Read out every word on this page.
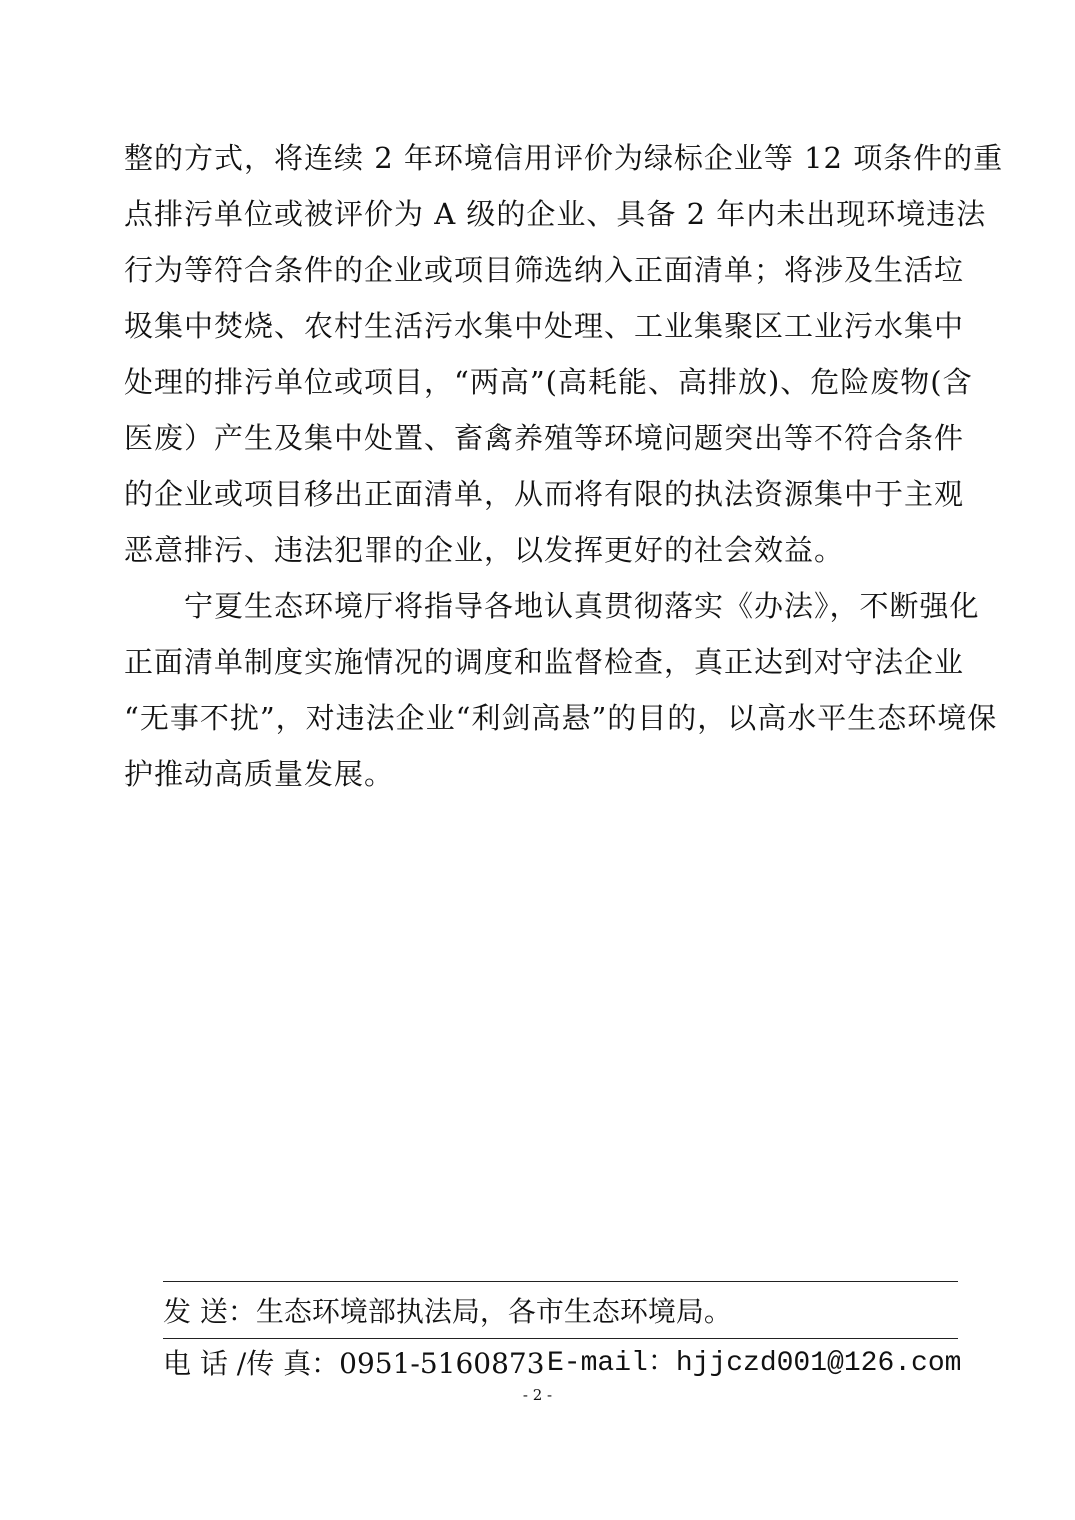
整的方式，将连续 2 年环境信用评价为绿标企业等 12 项条件的重
点排污单位或被评价为 A 级的企业、具备 2 年内未出现环境违法
行为等符合条件的企业或项目筛选纳入正面清单；将涉及生活垃
圾集中焚烧、农村生活污水集中处理、工业集聚区工业污水集中
处理的排污单位或项目，“两高”(高耗能、高排放)、危险废物(含
医废）产生及集中处置、畜禽养殖等环境问题突出等不符合条件
的企业或项目移出正面清单，从而将有限的执法资源集中于主观
恶意排污、违法犯罪的企业，以发挥更好的社会效益。
　　宁夏生态环境厅将指导各地认真贯彻落实《办法》，不断强化
正面清单制度实施情况的调度和监督检查，真正达到对守法企业
“无事不扰”，对违法企业“利剑高悬”的目的，以高水平生态环境保
护推动高质量发展。
发 送：生态环境部执法局，各市生态环境局。
电 话 /传 真：0951-5160873 E-mail：hjjczd001@126.com
- 2 -
